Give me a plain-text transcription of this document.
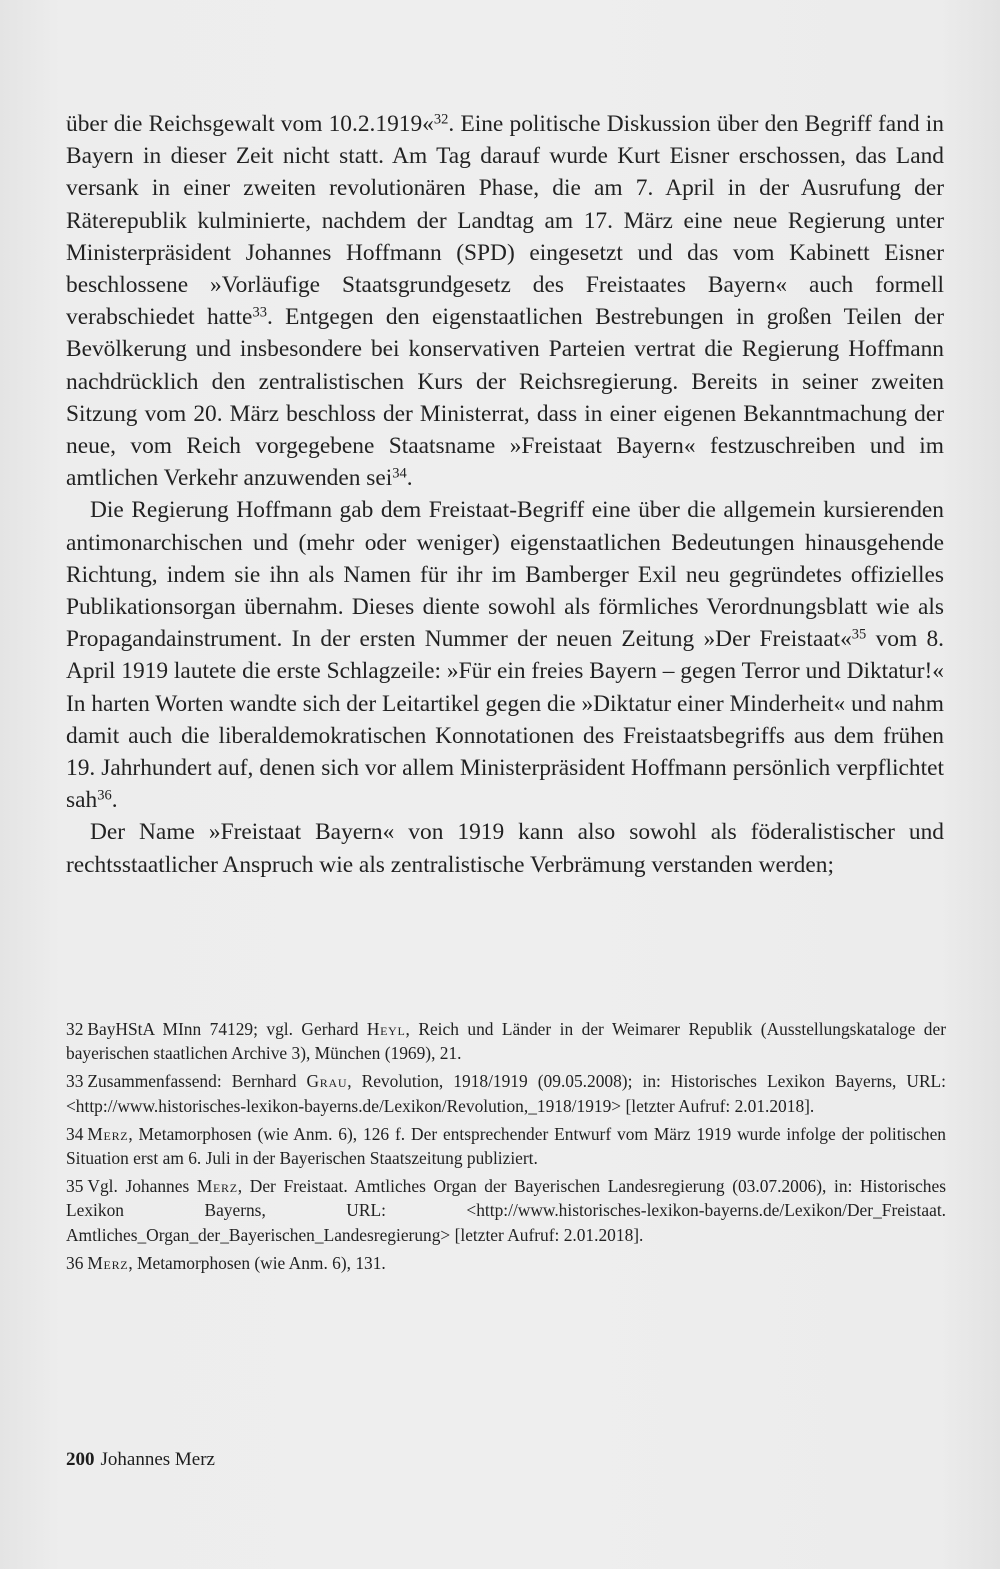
über die Reichsgewalt vom 10.2.1919«$^{32}$. Eine politische Diskussion über den Begriff fand in Bayern in dieser Zeit nicht statt. Am Tag darauf wurde Kurt Eisner erschossen, das Land versank in einer zweiten revolutionären Phase, die am 7. April in der Ausrufung der Räterepublik kulminierte, nachdem der Landtag am 17. März eine neue Regierung unter Ministerpräsident Johannes Hoffmann (SPD) eingesetzt und das vom Kabinett Eisner beschlossene »Vorläufige Staatsgrundgesetz des Freistaates Bayern« auch formell verabschiedet hatte$^{33}$. Entgegen den eigenstaatlichen Bestrebungen in großen Teilen der Bevölkerung und insbesondere bei konservativen Parteien vertrat die Regierung Hoffmann nachdrücklich den zentralistischen Kurs der Reichsregierung. Bereits in seiner zweiten Sitzung vom 20. März beschloss der Ministerrat, dass in einer eigenen Bekanntmachung der neue, vom Reich vorgegebene Staatsname »Freistaat Bayern« festzuschreiben und im amtlichen Verkehr anzuwenden sei$^{34}$.

Die Regierung Hoffmann gab dem Freistaat-Begriff eine über die allgemein kursierenden antimonarchischen und (mehr oder weniger) eigenstaatlichen Bedeutungen hinausgehende Richtung, indem sie ihn als Namen für ihr im Bamberger Exil neu gegründetes offizielles Publikationsorgan übernahm. Dieses diente sowohl als förmliches Verordnungsblatt wie als Propagandainstrument. In der ersten Nummer der neuen Zeitung »Der Freistaat«$^{35}$ vom 8. April 1919 lautete die erste Schlagzeile: »Für ein freies Bayern – gegen Terror und Diktatur!« In harten Worten wandte sich der Leitartikel gegen die »Diktatur einer Minderheit« und nahm damit auch die liberaldemokratischen Konnotationen des Freistaatsbegriffs aus dem frühen 19. Jahrhundert auf, denen sich vor allem Ministerpräsident Hoffmann persönlich verpflichtet sah$^{36}$.

Der Name »Freistaat Bayern« von 1919 kann also sowohl als föderalistischer und rechtsstaatlicher Anspruch wie als zentralistische Verbrämung verstanden werden;

32 BayHStA MInn 74129; vgl. Gerhard Heyl, Reich und Länder in der Weimarer Republik (Ausstellungskataloge der bayerischen staatlichen Archive 3), München (1969), 21.

33 Zusammenfassend: Bernhard Grau, Revolution, 1918/1919 (09.05.2008); in: Historisches Lexikon Bayerns, URL: <http://www.historisches-lexikon-bayerns.de/Lexikon/Revolution,_1918/1919> [letzter Aufruf: 2.01.2018].

34 Merz, Metamorphosen (wie Anm. 6), 126 f. Der entsprechender Entwurf vom März 1919 wurde infolge der politischen Situation erst am 6. Juli in der Bayerischen Staatszeitung publiziert.

35 Vgl. Johannes Merz, Der Freistaat. Amtliches Organ der Bayerischen Landesregierung (03.07.2006), in: Historisches Lexikon Bayerns, URL: <http://www.historisches-lexikon-bayerns.de/Lexikon/Der_Freistaat. Amtliches_Organ_der_Bayerischen_Landesregierung> [letzter Aufruf: 2.01.2018].

36 Merz, Metamorphosen (wie Anm. 6), 131.

200 Johannes Merz
